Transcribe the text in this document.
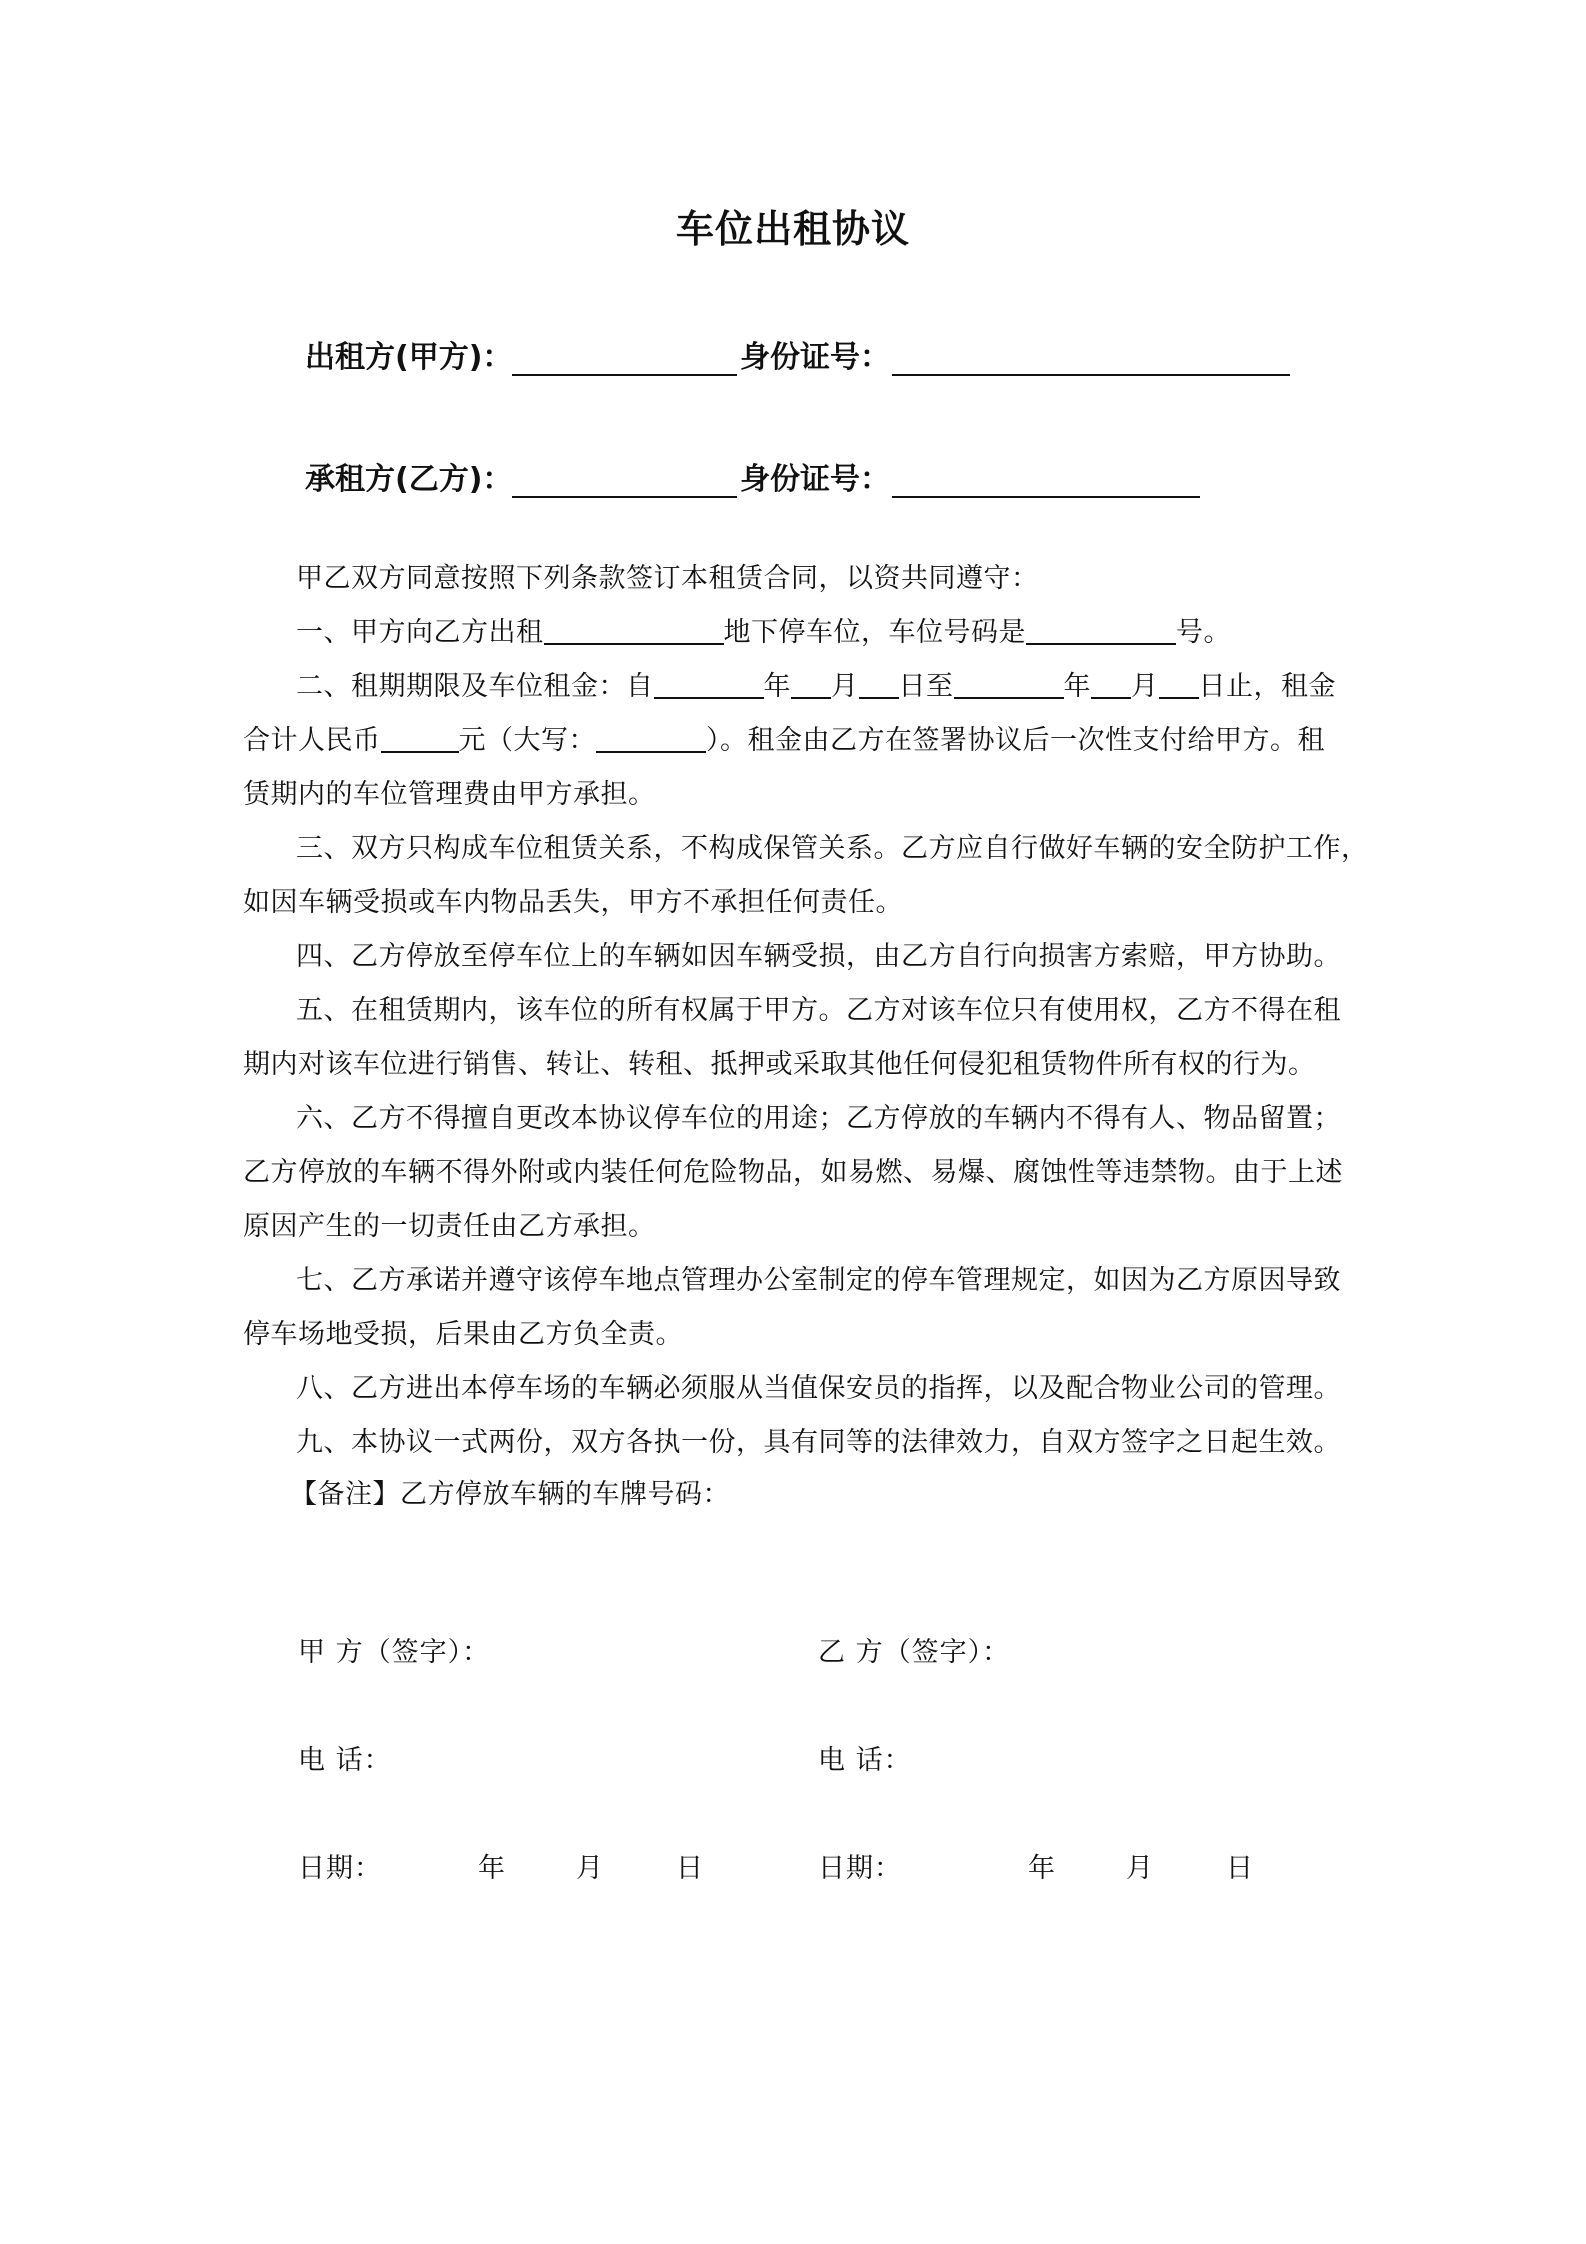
车位出租协议
出租方(甲方)：	身份证号：
承租方(乙方)：	身份证号：
甲乙双方同意按照下列条款签订本租赁合同，以资共同遵守：
一、甲方向乙方出租	地下停车位，车位号码是	号。
二、租期期限及车位租金：自	年 月 日至	年 月 日止，租金
合计人民币	元（大写：	）。租金由乙方在签署协议后一次性支付给甲方。租
赁期内的车位管理费由甲方承担。
三、双方只构成车位租赁关系，不构成保管关系。乙方应自行做好车辆的安全防护工作，
如因车辆受损或车内物品丢失，甲方不承担任何责任。
四、乙方停放至停车位上的车辆如因车辆受损，由乙方自行向损害方索赔，甲方协助。
五、在租赁期内，该车位的所有权属于甲方。乙方对该车位只有使用权，乙方不得在租
期内对该车位进行销售、转让、转租、抵押或采取其他任何侵犯租赁物件所有权的行为。
六、乙方不得擅自更改本协议停车位的用途；乙方停放的车辆内不得有人、物品留置；
乙方停放的车辆不得外附或内装任何危险物品，如易燃、易爆、腐蚀性等违禁物。由于上述
原因产生的一切责任由乙方承担。
七、乙方承诺并遵守该停车地点管理办公室制定的停车管理规定，如因为乙方原因导致
停车场地受损，后果由乙方负全责。
八、乙方进出本停车场的车辆必须服从当值保安员的指挥，以及配合物业公司的管理。
九、本协议一式两份，双方各执一份，具有同等的法律效力，自双方签字之日起生效。
【备注】乙方停放车辆的车牌号码：
甲 方（签字）：	乙 方（签字）：
电 话：	电 话：
日期：	年	月	日	日期：	年	月	日
